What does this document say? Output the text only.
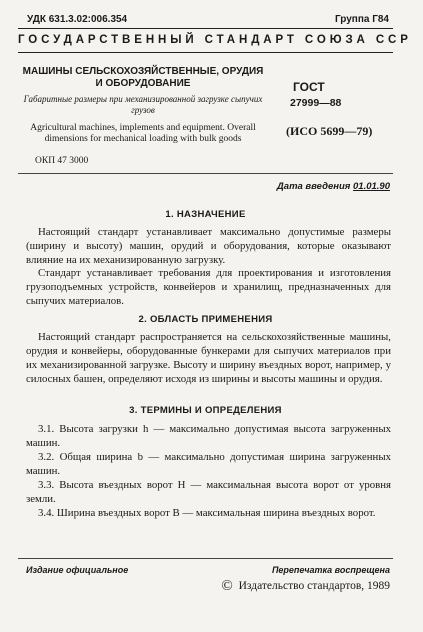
УДК 631.3.02:006.354	Группа Г84
ГОСУДАРСТВЕННЫЙ СТАНДАРТ СОЮЗА ССР
МАШИНЫ СЕЛЬСКОХОЗЯЙСТВЕННЫЕ, ОРУДИЯ И ОБОРУДОВАНИЕ
Габаритные размеры при механизированной загрузке сыпучих грузов
Agricultural machines, implements and equipment. Overall dimensions for mechanical loading with bulk goods
ОКП 47 3000
ГОСТ
27999—88
(ИСО 5699—79)
Дата введения 01.01.90
1. НАЗНАЧЕНИЕ
Настоящий стандарт устанавливает максимально допустимые размеры (ширину и высоту) машин, орудий и оборудования, которые оказывают влияние на их механизированную загрузку.
Стандарт устанавливает требования для проектирования и изготовления грузоподъемных устройств, конвейеров и хранилищ, предназначенных для сыпучих материалов.
2. ОБЛАСТЬ ПРИМЕНЕНИЯ
Настоящий стандарт распространяется на сельскохозяйственные машины, орудия и конвейеры, оборудованные бункерами для сыпучих материалов при их механизированной загрузке. Высоту и ширину въездных ворот, например, у силосных башен, определяют исходя из ширины и высоты машины и орудия.
3. ТЕРМИНЫ И ОПРЕДЕЛЕНИЯ
3.1. Высота загрузки h — максимально допустимая высота загруженных машин.
3.2. Общая ширина b — максимально допустимая ширина загруженных машин.
3.3. Высота въездных ворот H — максимальная высота ворот от уровня земли.
3.4. Ширина въездных ворот B — максимальная ширина въездных ворот.
Издание официальное	Перепечатка воспрещена
© Издательство стандартов, 1989
